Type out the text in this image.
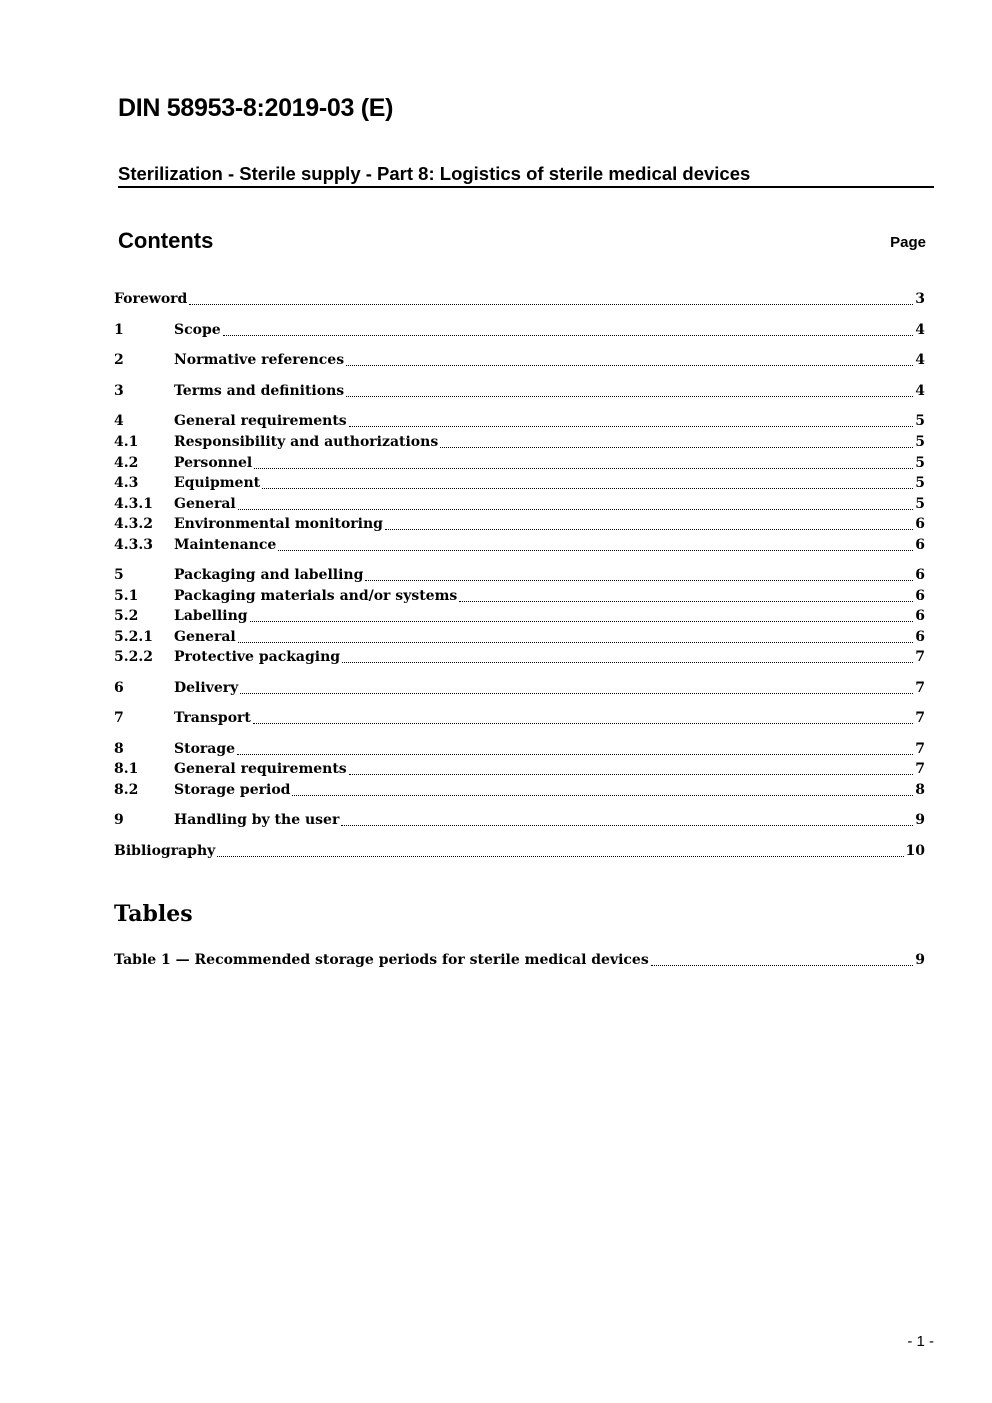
DIN 58953-8:2019-03 (E)
Sterilization - Sterile supply - Part 8: Logistics of sterile medical devices
Contents	Page
Foreword	3
1	Scope	4
2	Normative references	4
3	Terms and definitions	4
4	General requirements	5
4.1	Responsibility and authorizations	5
4.2	Personnel	5
4.3	Equipment	5
4.3.1	General	5
4.3.2	Environmental monitoring	6
4.3.3	Maintenance	6
5	Packaging and labelling	6
5.1	Packaging materials and/or systems	6
5.2	Labelling	6
5.2.1	General	6
5.2.2	Protective packaging	7
6	Delivery	7
7	Transport	7
8	Storage	7
8.1	General requirements	7
8.2	Storage period	8
9	Handling by the user	9
Bibliography	10
Tables
Table 1 — Recommended storage periods for sterile medical devices	9
- 1 -
